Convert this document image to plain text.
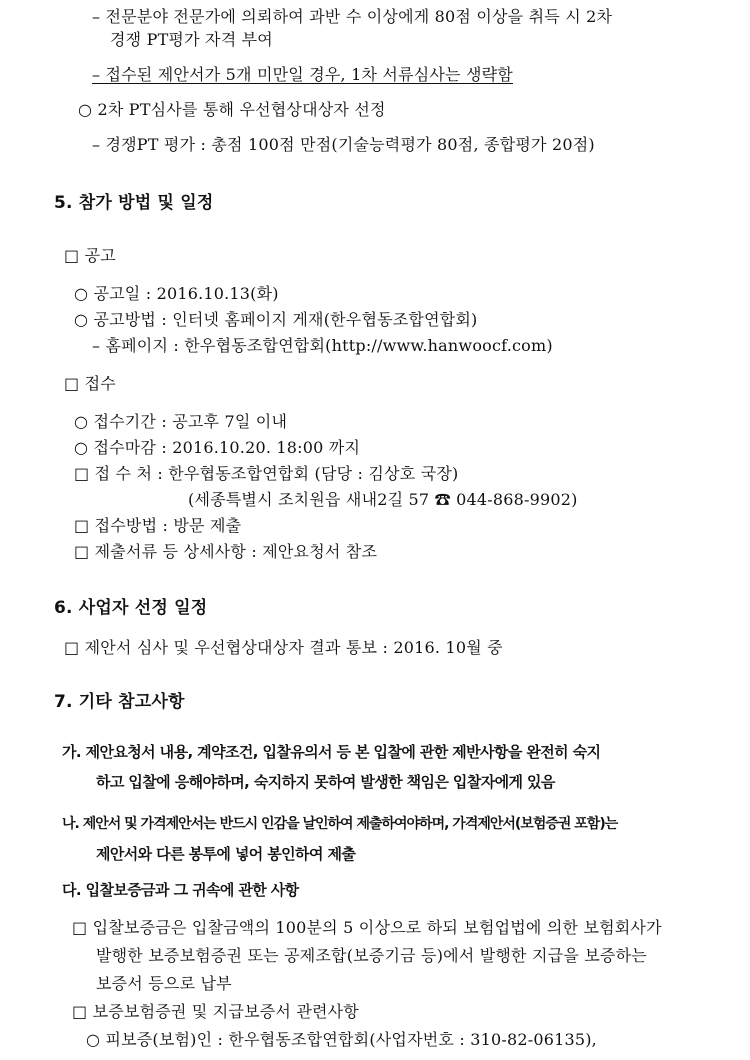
– 전문분야 전문가에 의뢰하여 과반 수 이상에게 80점 이상을 취득 시 2차
경쟁 PT평가 자격 부여
– 접수된 제안서가 5개 미만일 경우, 1차 서류심사는 생략함
○ 2차 PT심사를 통해 우선협상대상자 선정
– 경쟁PT 평가 : 총점 100점 만점(기술능력평가 80점, 종합평가 20점)
5. 참가 방법 및 일정
□ 공고
○ 공고일 : 2016.10.13(화)
○ 공고방법 : 인터넷 홈페이지 게재(한우협동조합연합회)
– 홈페이지 : 한우협동조합연합회(http://www.hanwoocf.com)
□ 접수
○ 접수기간 : 공고후 7일 이내
○ 접수마감 : 2016.10.20. 18:00 까지
□ 접 수 처 : 한우협동조합연합회 (담당 : 김상호 국장)
(세종특별시 조치원읍 새내2길 57 ☎ 044-868-9902)
□ 접수방법 : 방문 제출
□ 제출서류 등 상세사항 : 제안요청서 참조
6. 사업자 선정 일정
□ 제안서 심사 및 우선협상대상자 결과 통보 : 2016. 10월 중
7. 기타 참고사항
가. 제안요청서 내용, 계약조건, 입찰유의서 등 본 입찰에 관한 제반사항을 완전히 숙지
하고 입찰에 응해야하며, 숙지하지 못하여 발생한 책임은 입찰자에게 있음
나. 제안서 및 가격제안서는 반드시 인감을 날인하여 제출하여야하며, 가격제안서(보험증권 포함)는
제안서와 다른 봉투에 넣어 봉인하여 제출
다. 입찰보증금과 그 귀속에 관한 사항
□ 입찰보증금은 입찰금액의 100분의 5 이상으로 하되 보험업법에 의한 보험회사가
발행한 보증보험증권 또는 공제조합(보증기금 등)에서 발행한 지급을 보증하는
보증서 등으로 납부
□ 보증보험증권 및 지급보증서 관련사항
○ 피보증(보험)인 : 한우협동조합연합회(사업자번호 : 310-82-06135),
